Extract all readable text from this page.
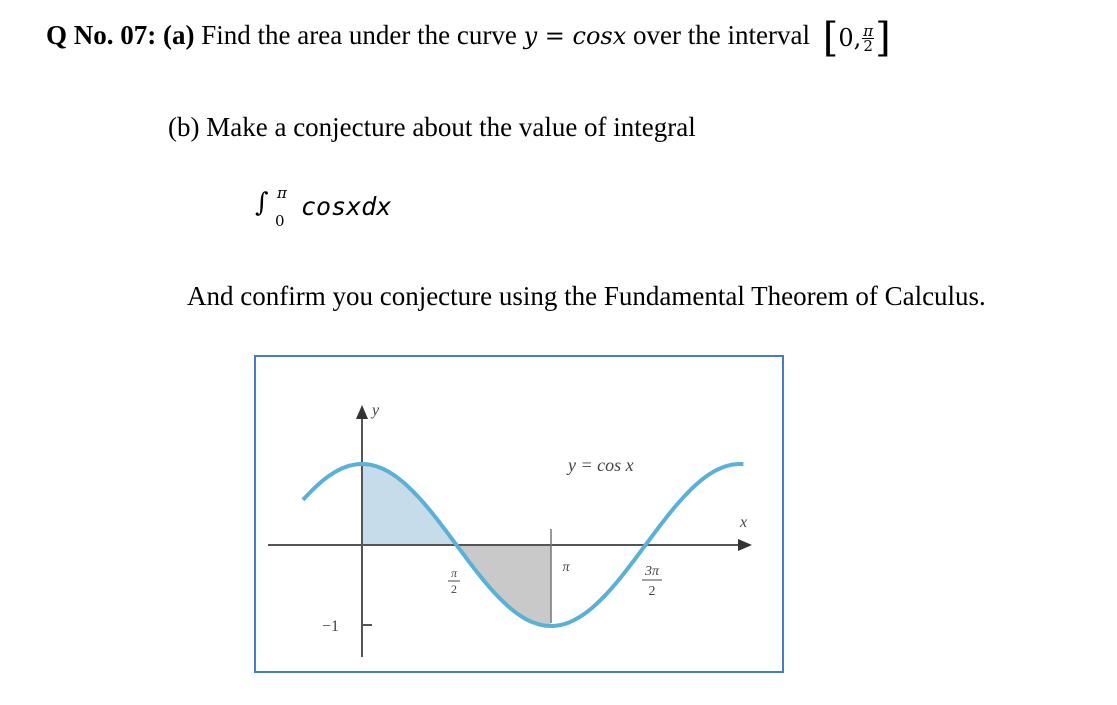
Q No. 07: (a) Find the area under the curve y = cosx over the interval [0, $\frac{\pi}{2}$ ]
(b) Make a conjecture about the value of integral
∫ π
0 cosxdx
And confirm you conjecture using the Fundamental Theorem of Calculus.
y
x
y = cos x
π
2
π	3π
2
−1
